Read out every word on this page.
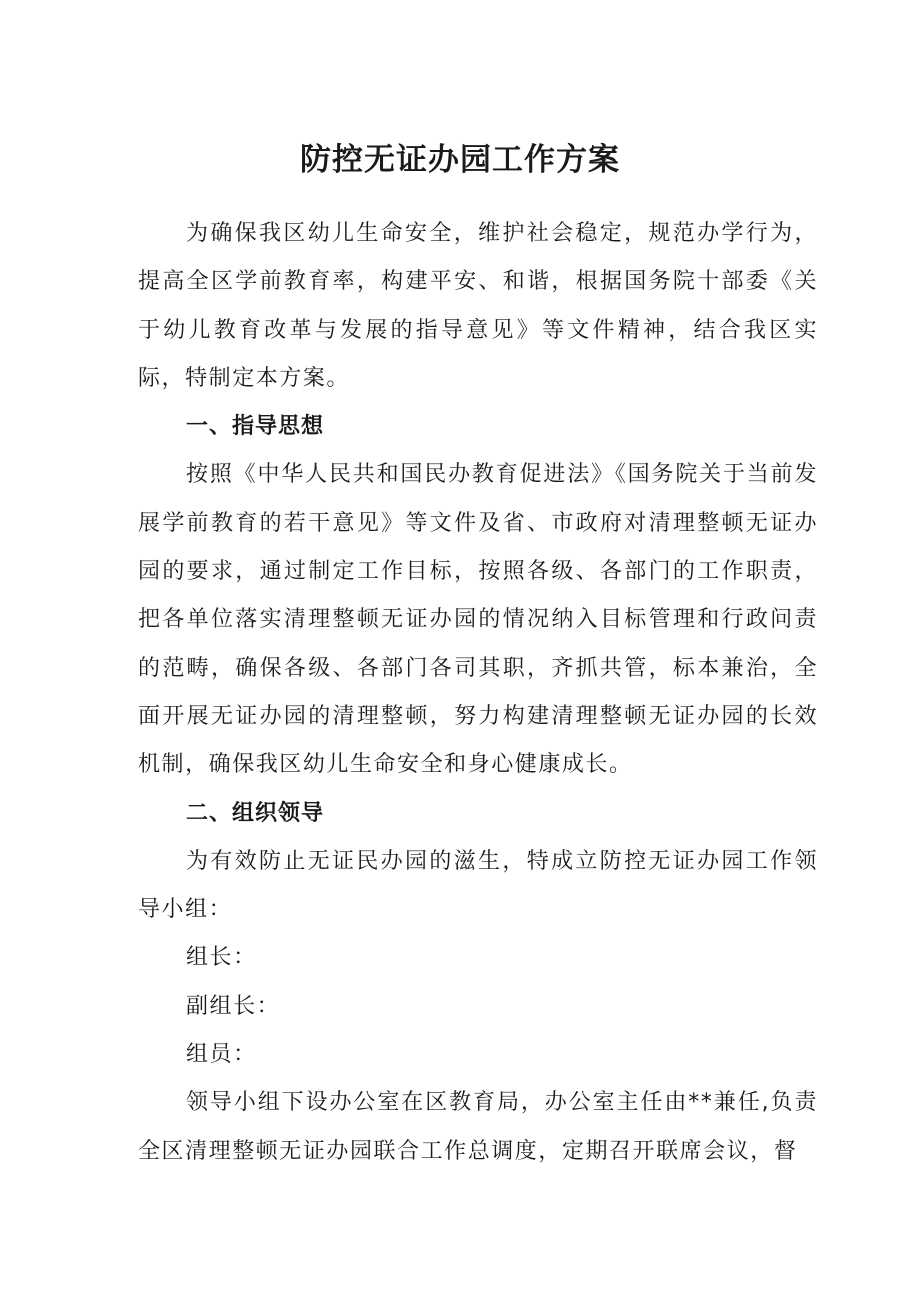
防控无证办园工作方案

为确保我区幼儿生命安全，维护社会稳定，规范办学行为，提高全区学前教育率，构建平安、和谐，根据国务院十部委《关于幼儿教育改革与发展的指导意见》等文件精神，结合我区实际，特制定本方案。

一、指导思想

按照《中华人民共和国民办教育促进法》《国务院关于当前发展学前教育的若干意见》等文件及省、市政府对清理整顿无证办园的要求，通过制定工作目标，按照各级、各部门的工作职责，把各单位落实清理整顿无证办园的情况纳入目标管理和行政问责的范畴，确保各级、各部门各司其职，齐抓共管，标本兼治，全面开展无证办园的清理整顿，努力构建清理整顿无证办园的长效机制，确保我区幼儿生命安全和身心健康成长。

二、组织领导

为有效防止无证民办园的滋生，特成立防控无证办园工作领导小组：

组长：

副组长：

组员：

领导小组下设办公室在区教育局，办公室主任由**兼任,负责全区清理整顿无证办园联合工作总调度，定期召开联席会议，督
